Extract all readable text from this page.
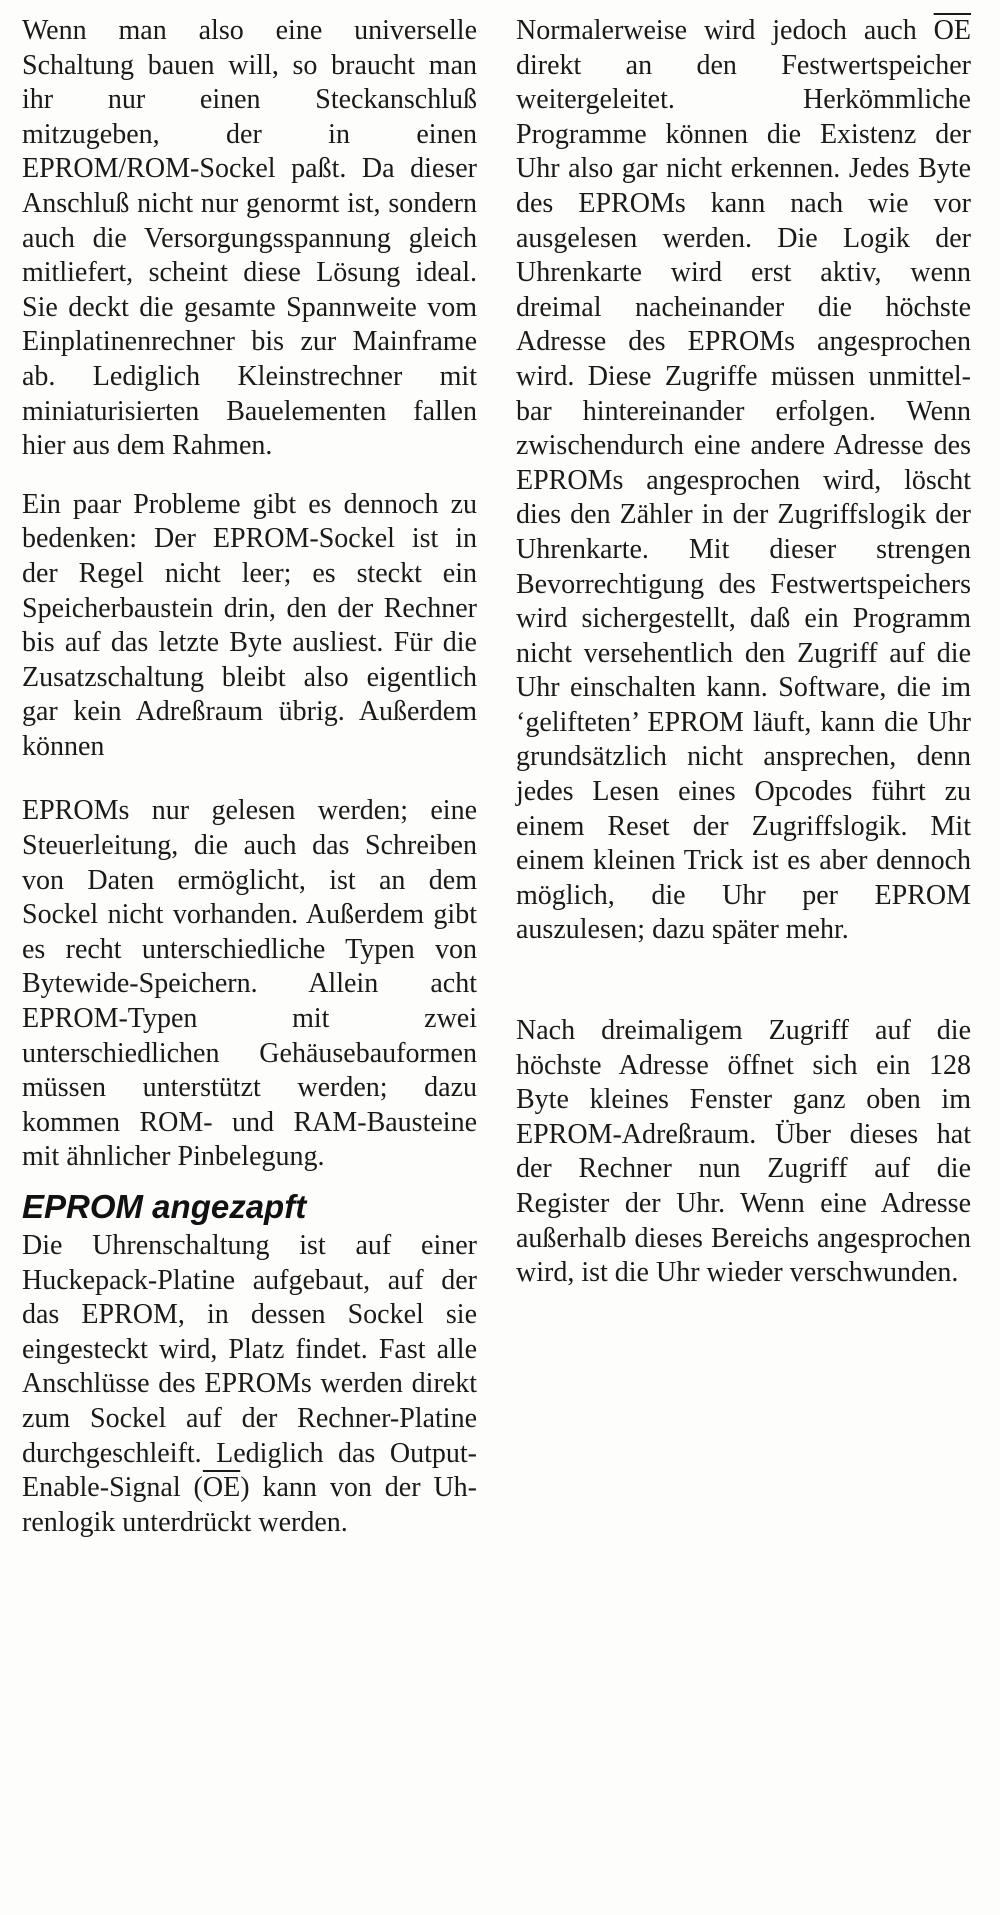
Wenn man also eine universelle Schaltung bauen will, so braucht man ihr nur einen Steckanschluß mitzugeben, der in einen EPROM/ROM-Sockel paßt. Da dieser Anschluß nicht nur genormt ist, sondern auch die Versorgungsspannung gleich mitliefert, scheint diese Lösung ideal. Sie deckt die gesamte Spannweite vom Einplatinenrechner bis zur Mainframe ab. Lediglich Kleinstrechner mit miniaturisierten Bauelementen fallen hier aus dem Rahmen.

Ein paar Probleme gibt es dennoch zu bedenken: Der EPROM-Sockel ist in der Regel nicht leer; es steckt ein Speicherbaustein drin, den der Rechner bis auf das letzte Byte ausliest. Für die Zusatzschaltung bleibt also eigentlich gar kein Adreßraum übrig. Außerdem können

EPROMs nur gelesen werden; eine Steuerleitung, die auch das Schreiben von Daten ermöglicht, ist an dem Sockel nicht vorhanden. Außerdem gibt es recht unterschiedliche Typen von Bytewide-Speichern. Allein acht EPROM-Typen mit zwei unterschiedlichen Gehäusebauformen müssen unterstützt werden; dazu kommen ROM- und RAM-Bausteine mit ähnlicher Pinbelegung.

EPROM angezapft

Die Uhrenschaltung ist auf einer Huckepack-Platine aufgebaut, auf der das EPROM, in dessen Sockel sie eingesteckt wird, Platz findet. Fast alle Anschlüsse des EPROMs werden direkt zum Sockel auf der Rechner-Platine durchgeschleift. Lediglich das Output-Enable-Signal $(\overline{OE})$ kann von der Uhrenlogik unterdrückt werden.

Normalerweise wird jedoch auch $\overline{OE}$ direkt an den Festwertspeicher weitergeleitet. Herkömmliche Programme können die Existenz der Uhr also gar nicht erkennen. Jedes Byte des EPROMs kann nach wie vor ausgelesen werden. Die Logik der Uhrenkarte wird erst aktiv, wenn dreimal nacheinander die höchste Adresse des EPROMs angesprochen wird. Diese Zugriffe müssen unmittelbar hintereinander erfolgen. Wenn zwischendurch eine andere Adresse des EPROMs angesprochen wird, löscht dies den Zähler in der Zugriffslogik der Uhrenkarte. Mit dieser strengen Bevorrechtigung des Festwertspeichers wird sichergestellt, daß ein Programm nicht versehentlich den Zugriff auf die Uhr einschalten kann. Software, die im ‘gelifteten’ EPROM läuft, kann die Uhr grundsätzlich nicht ansprechen, denn jedes Lesen eines Opcodes führt zu einem Reset der Zugriffslogik. Mit einem kleinen Trick ist es aber dennoch möglich, die Uhr per EPROM auszulesen; dazu später mehr.

Nach dreimaligem Zugriff auf die höchste Adresse öffnet sich ein 128 Byte kleines Fenster ganz oben im EPROM-Adreßraum. Über dieses hat der Rechner nun Zugriff auf die Register der Uhr. Wenn eine Adresse außerhalb dieses Bereichs angesprochen wird, ist die Uhr wieder verschwunden.
